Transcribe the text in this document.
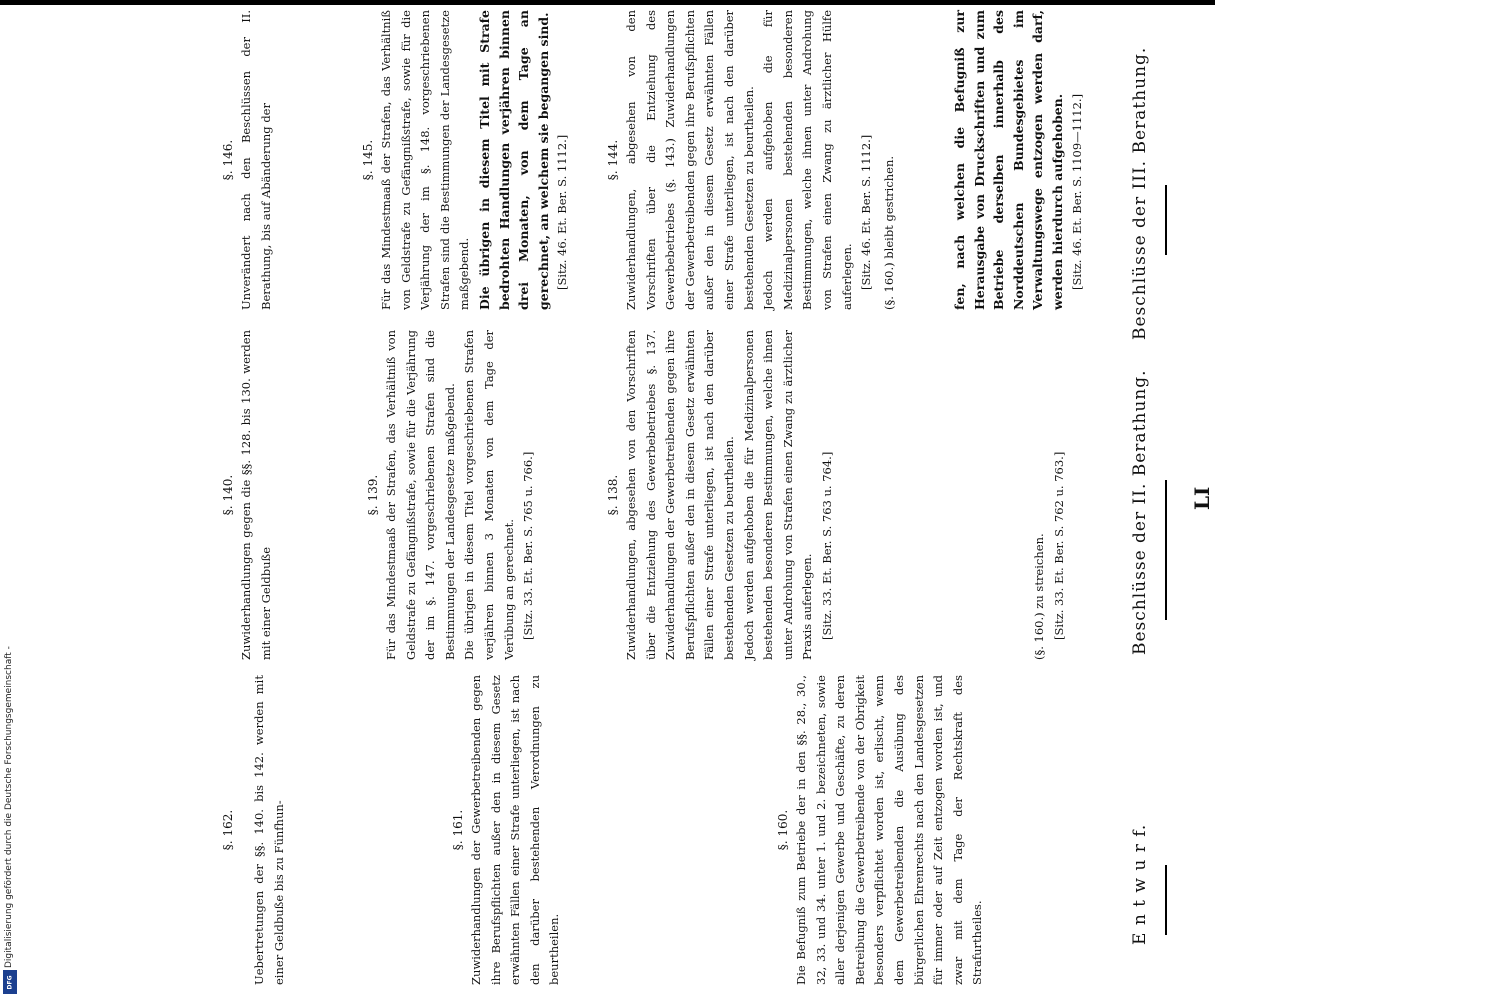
E n t w u r f.
Beschlüsse der II. Berathung. LI
Beschlüsse der III. Berathung.

Uebertretungen der §§. 140. bis 142. werden mit einer Geldbuße bis zu Fünfhun-

§. 162.	§. 161. Zuwiderhandlungen der Gewerbetreibenden gegen ihre Berufspflichten außer den in diesem Gesetz erwähnten Fällen einer Strafe unterliegen, ist nach den darüber bestehenden Verordnungen zu beurtheilen.

§. 160. Die Befugniß zum Betriebe der in den §§. 28., 30., 32, 33. und 34. unter 1. und 2. bezeichneten, sowie aller derjenigen Gewerbe und Geschäfte, zu deren Betreibung die Gewerbetreibende von der Obrigkeit besonders verpflichtet worden ist, erlischt, wenn dem Gewerbetreibenden die Ausübung des bürgerlichen Ehrenrechts nach den Landesgesetzen für immer oder auf Zeit entzogen worden ist, und zwar mit dem Tage der Rechtskraft des Strafurtheiles.

§. 140. Zuwiderhandlungen gegen die §§. 128. bis 130. werden mit einer Geldbuße

§. 139. Für das Mindestmaaß der Strafen, das Verhältniß von Geldstrafe zu Gefängnißstrafe, sowie für die Verjährung der im §. 147. vorgeschriebenen Strafen sind die Bestimmungen der Landesgesetze maßgebend. Die übrigen in diesem Titel vorgeschriebenen Strafen verjähren binnen 3 Monaten von dem Tage der Verübung an gerechnet. [Sitz. 33. Et. Ber. S. 765 u. 766.]	§. 138. Zuwiderhandlungen, abgesehen von den Vorschriften über die Entziehung des Gewerbebetriebes §. 137. Zuwiderhandlungen der Gewerbetreibenden gegen ihre Berufspflichten außer den in diesem Gesetz erwähnten Fällen einer Strafe unterliegen, ist nach den darüber bestehenden Gesetzen zu beurtheilen. Jedoch werden aufgehoben die für Medizinalpersonen bestehenden besonderen Bestimmungen, welche ihnen unter Androhung von Strafen einen Zwang zu ärztlicher Praxis auferlegen. [Sitz. 33. Et. Ber. S. 763 u. 764.]	(§. 160.) zu streichen. [Sitz. 33. Et. Ber. S. 762 u. 763.]

§. 146. Unverändert nach den Beschlüssen der II. Berathung, bis auf Abänderung der	§. 145. Für das Mindestmaaß der Strafen, das Verhältniß von Geldstrafe zu Gefängnißstrafe, sowie für die Verjährung der im §. 148. vorgeschriebenen Strafen sind die Bestimmungen der Landesgesetze maßgebend. Die übrigen in diesem Titel mit Strafe bedrohten Handlungen verjähren binnen drei Monaten, von dem Tage an gerechnet, an welchem sie begangen sind. [Sitz. 46. Et. Ber. S. 1112.]	§. 144. Zuwiderhandlungen, abgesehen von den Vorschriften über die Entziehung des Gewerbebetriebes (§. 143.) Zuwiderhandlungen der Gewerbetreibenden gegen ihre Berufspflichten außer den in diesem Gesetz erwähnten Fällen einer Strafe unterliegen, ist nach den darüber bestehenden Gesetzen zu beurtheilen. Jedoch werden aufgehoben die für Medizinalpersonen bestehenden besonderen Bestimmungen, welche ihnen unter Androhung von Strafen einen Zwang zu ärztlicher Hülfe auferlegen. [Sitz. 46. Et. Ber. S. 1112.] (§. 160.) bleibt gestrichen.	fen, nach welchen die Befugniß zur Herausgabe von Druckschriften und zum Betriebe derselben innerhalb des Norddeutschen Bundesgebietes im Verwaltungswege entzogen werden darf, werden hierdurch aufgehoben. [Sitz. 46. Et. Ber. S. 1109—1112.]

Digitalisierung gefördert durch die Deutsche Forschungsgemeinschaft -
DFG
